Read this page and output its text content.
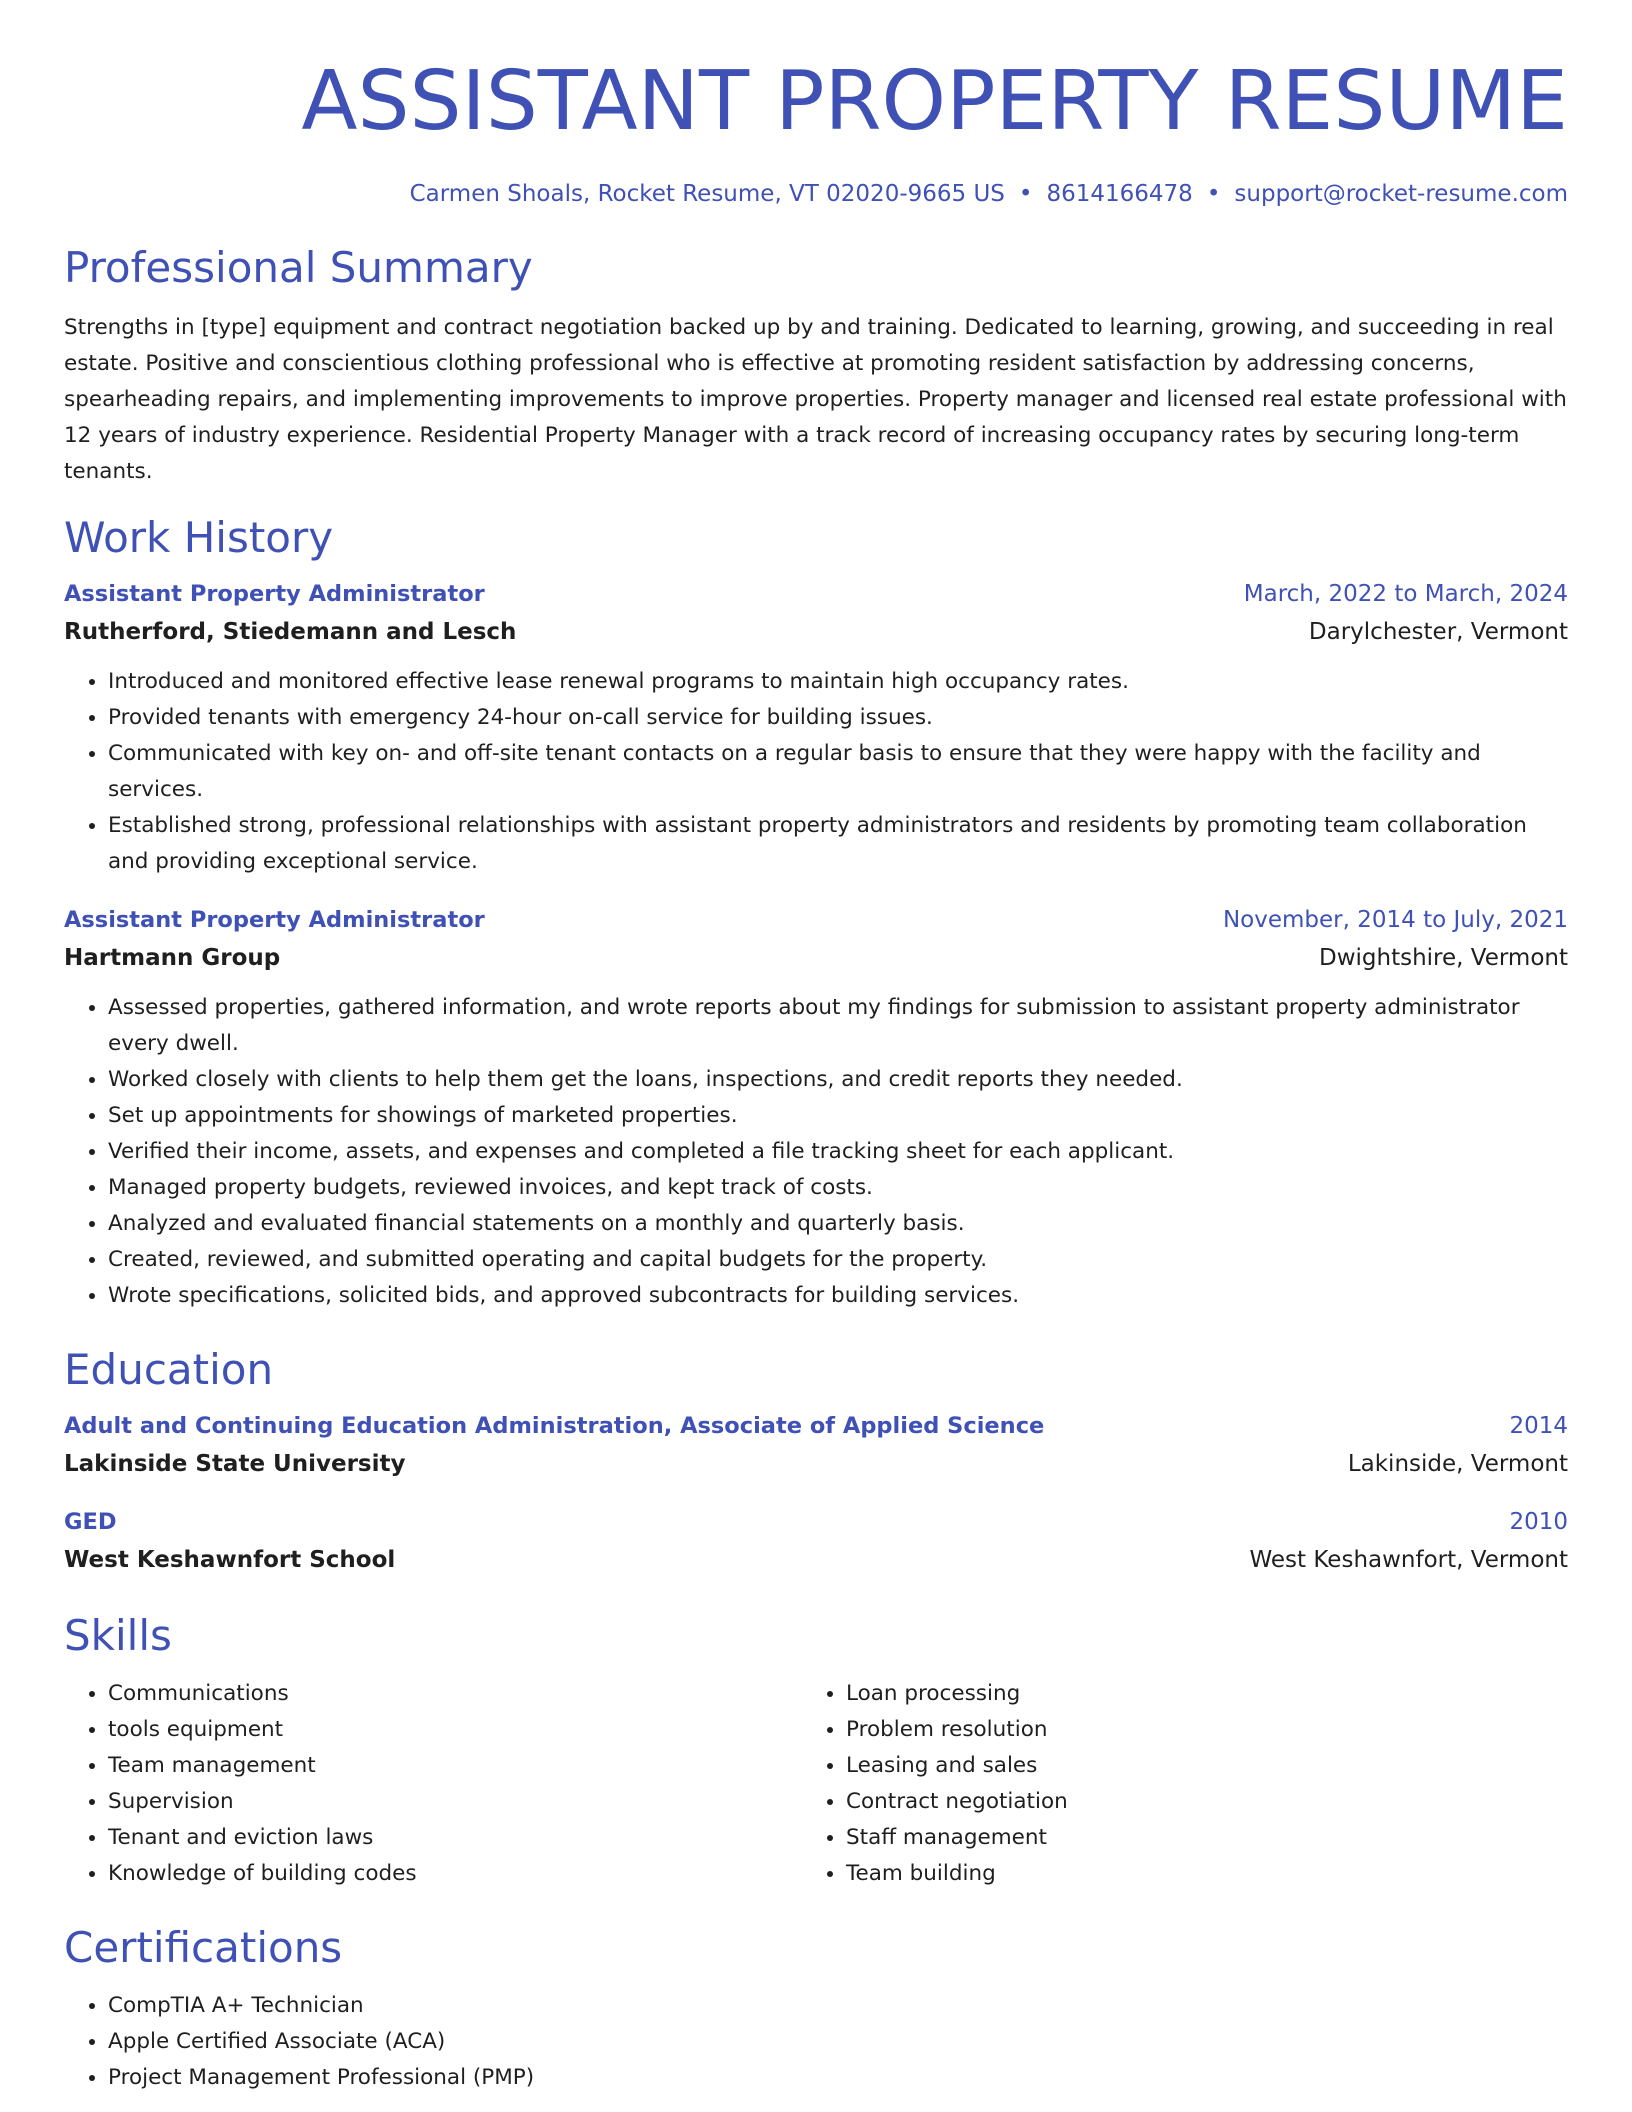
ASSISTANT PROPERTY RESUME
Carmen Shoals, Rocket Resume, VT 02020-9665 US • 8614166478 • support@rocket-resume.com
Professional Summary

Strengths in [type] equipment and contract negotiation backed up by and training. Dedicated to learning, growing, and succeeding in real estate. Positive and conscientious clothing professional who is effective at promoting resident satisfaction by addressing concerns, spearheading repairs, and implementing improvements to improve properties. Property manager and licensed real estate professional with 12 years of industry experience. Residential Property Manager with a track record of increasing occupancy rates by securing long-term tenants.

Work History
Assistant Property Administrator	March, 2022 to March, 2024
Rutherford, Stiedemann and Lesch	Darylchester, Vermont
• Introduced and monitored effective lease renewal programs to maintain high occupancy rates.
• Provided tenants with emergency 24-hour on-call service for building issues.
• Communicated with key on- and off-site tenant contacts on a regular basis to ensure that they were happy with the facility and services.
• Established strong, professional relationships with assistant property administrators and residents by promoting team collaboration and providing exceptional service.
Assistant Property Administrator	November, 2014 to July, 2021
Hartmann Group	Dwightshire, Vermont
• Assessed properties, gathered information, and wrote reports about my findings for submission to assistant property administrator every dwell.
• Worked closely with clients to help them get the loans, inspections, and credit reports they needed.
• Set up appointments for showings of marketed properties.
• Verified their income, assets, and expenses and completed a file tracking sheet for each applicant.
• Managed property budgets, reviewed invoices, and kept track of costs.
• Analyzed and evaluated financial statements on a monthly and quarterly basis.
• Created, reviewed, and submitted operating and capital budgets for the property.
• Wrote specifications, solicited bids, and approved subcontracts for building services.
Education
Adult and Continuing Education Administration, Associate of Applied Science	2014
Lakinside State University	Lakinside, Vermont
GED	2010
West Keshawnfort School	West Keshawnfort, Vermont
Skills
• Communications
• tools equipment
• Team management
• Supervision
• Tenant and eviction laws
• Knowledge of building codes
• Loan processing
• Problem resolution
• Leasing and sales
• Contract negotiation
• Staff management
• Team building
Certifications
• CompTIA A+ Technician
• Apple Certified Associate (ACA)
• Project Management Professional (PMP)
